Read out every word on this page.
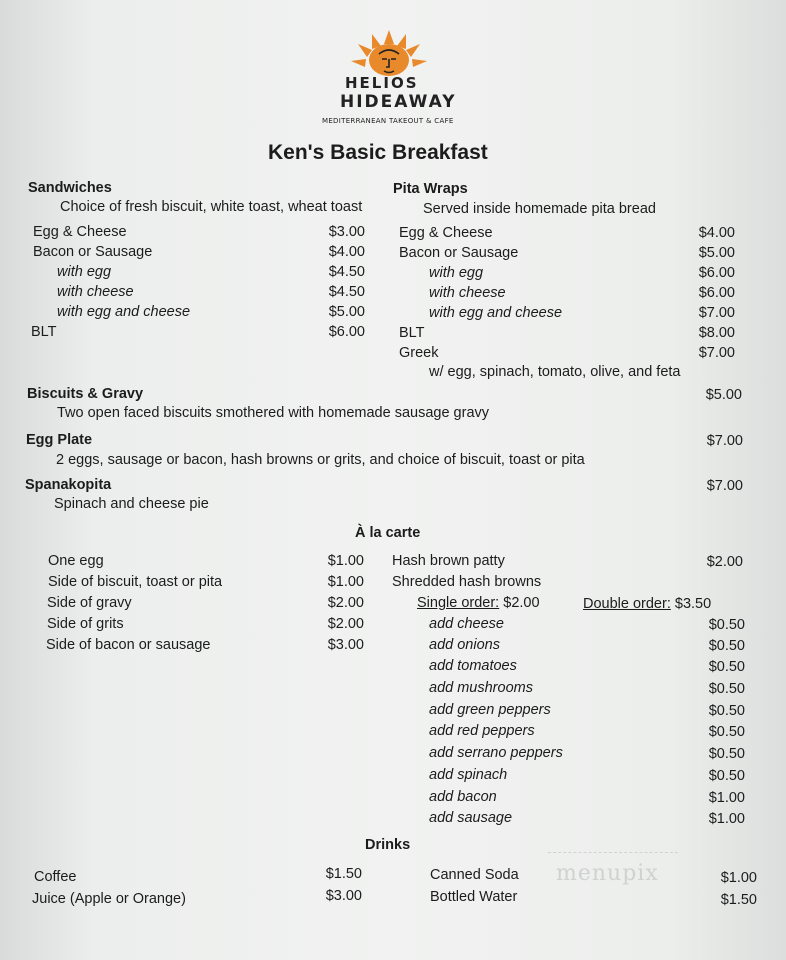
HELIOS
HIDEAWAY
MEDITERRANEAN TAKEOUT & CAFE
Ken's Basic Breakfast
Sandwiches
Choice of fresh biscuit, white toast, wheat toast
Egg & Cheese	$3.00
Bacon or Sausage	$4.00
with egg	$4.50
with cheese	$4.50
with egg and cheese	$5.00
BLT	$6.00
Pita Wraps
Served inside homemade pita bread
Egg & Cheese	$4.00
Bacon or Sausage	$5.00
with egg	$6.00
with cheese	$6.00
with egg and cheese	$7.00
BLT	$8.00
Greek	$7.00
w/ egg, spinach, tomato, olive, and feta
Biscuits & Gravy
Two open faced biscuits smothered with homemade sausage gravy
$5.00
Egg Plate
2 eggs, sausage or bacon, hash browns or grits, and choice of biscuit, toast or pita
$7.00
Spanakopita
Spinach and cheese pie
$7.00
À la carte
One egg	$1.00
Side of biscuit, toast or pita	$1.00
Side of gravy	$2.00
Side of grits	$2.00
Side of bacon or sausage	$3.00
Hash brown patty	$2.00
Shredded hash browns
Single order: $2.00	Double order: $3.50
add cheese	$0.50
add onions	$0.50
add tomatoes	$0.50
add mushrooms	$0.50
add green peppers	$0.50
add red peppers	$0.50
add serrano peppers	$0.50
add spinach	$0.50
add bacon	$1.00
add sausage	$1.00
Drinks
Coffee	$1.50
Juice (Apple or Orange)	$3.00
Canned Soda	$1.00
Bottled Water	$1.50
menupix
